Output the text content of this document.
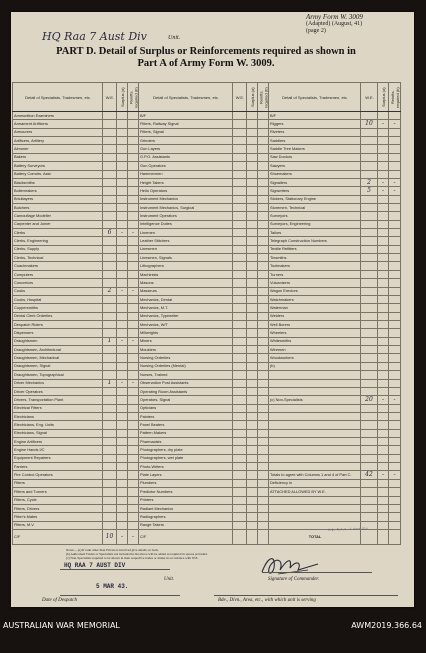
Army Form W. 3009
(Adapted) (August, 41)
(page 2)
HQ Raa 7 Aust Div	Unit.
PART D. Detail of Surplus or Reinforcements required as shown in
Part A of Army Form W. 3009.
Detail of Specialists, Tradesmen, etc.	W.E.	Surplus (a)	Reinfts. required (b)	Detail of Specialists, Tradesmen, etc.	W.E.	Surplus (a)	Reinfts. required (b)	Detail of Specialists, Tradesmen, etc.	W.E.	Surplus (a)	Reinfts. required (b)
Ammunition Examiners				B/F				B/F			
Armament Artificers				Fitters, Railway Signal				Riggers	10	-	-
Armourers				Fitters, Signal				Riveters			
Artificers, Artillery				Grinders				Saddlers			
Almoner				Gun Layers				Saddle Tree Makers			
Bakers				G.P.O. Assistants				Saw Doctors			
Battery Surveyors				Gun Operators				Sawyers			
Battery Comdrs. Asst.				Hammermen				Shoemakers			
Blacksmiths				Height Takers				Signallers	2	-	-
Boilermakers				Helio Operators				Signwriters	5	-	-
Bricklayers				Instrument Mechanics				Stokers, Stationary Engine			
Butchers				Instrument Mechanics, Surgical				Storemen, Technical			
Camouflage Modeller				Instrument Operators				Surveyors			
Carpenter and Joiner				Intelligence Duties				Surveyors, Engineering			
Clerks	6	-	-	Linemen				Tailors			
Clerks, Engineering				Leather Stitchers				Telegraph Construction Numbers			
Clerks, Supply				Linesmen				Textile Refitters			
Clerks, Technical				Linesmen, Signals				Tinsmiths			
Coachmakers				Lithographers				Toolmakers			
Computers				Machinists				Turners			
Concretors				Masons				Vulcanizers			
Cooks	2	-	-	Masseurs				Wagon Erectors			
Cooks, Hospital				Mechanics, Dental				Watchmakers			
Coppersmiths				Mechanics, M.T.				Waterman			
Dental Clerk Orderlies				Mechanics, Typewriter				Welders			
Despatch Riders				Mechanics, W/T				Well Borers			
Dispensers				Millwrights				Wheelers			
Draughtsmen	1	-	-	Miners				Whitesmiths			
Draughtsmen, Architectural				Moulders				Wiremen			
Draughtsmen, Mechanical				Nursing Orderlies				Woodworkers			
Draughtsmen, Signal				Nursing Orderlies (Mental)				(b)			
Draughtsmen, Topographical				Nurses, Trained							
Driver Mechanics	1	-	-	Observation Post Assistants							
Driver Operators				Operating Room Assistants							
Drivers, Transportation Plant				Operators, Signal				(c) Non-Specialists	20	-	-
Electrical Fitters				Opticians							
Electricians				Painters							
Electricians, Eng. Units				Panel Beaters							
Electricians, Signal				Pattern Makers							
Engine Artificers				Pharmacists							
Engine Hands I/C				Photographers, dry plate							
Equipment Repairers				Photographers, wet plate							
Farriers				Photo-Writers							
Fire Control Operators				Plate Layers				Totals to agree with Columns 1 and 4 of Part C.	42	-	-
Fitters				Plumbers				Deficiency in			
Fitters and Turners				Predictor Numbers				ATTACHED ALLOWED BY W.E.			
Fitters, Cycle				Printers							
Fitters, Drivers				Radiant Mechanics							
Fitter's Mates				Radiographers							
Fitters, M.V.				Range Takers							
C/F	10	-	-	C/F				TOTAL			
Notes.—(a) If rank other than Private is involved give details on back.
(b) Authorised Trades or Specialists not included in list above will be added as required in spaces provided.
(c) Non-Specialists required to be shown in their respective trades or duties in accordance with W.E.
H.Q. R.A.A. 7 Aust Div
HQ RAA 7 AUST DIV
Unit.	Signature of Commander.
5 MAR 43.
Date of Despatch	Bde., Divn., Area, etc., with which unit is serving
AUSTRALIAN WAR MEMORIAL	AWM2019.366.64
